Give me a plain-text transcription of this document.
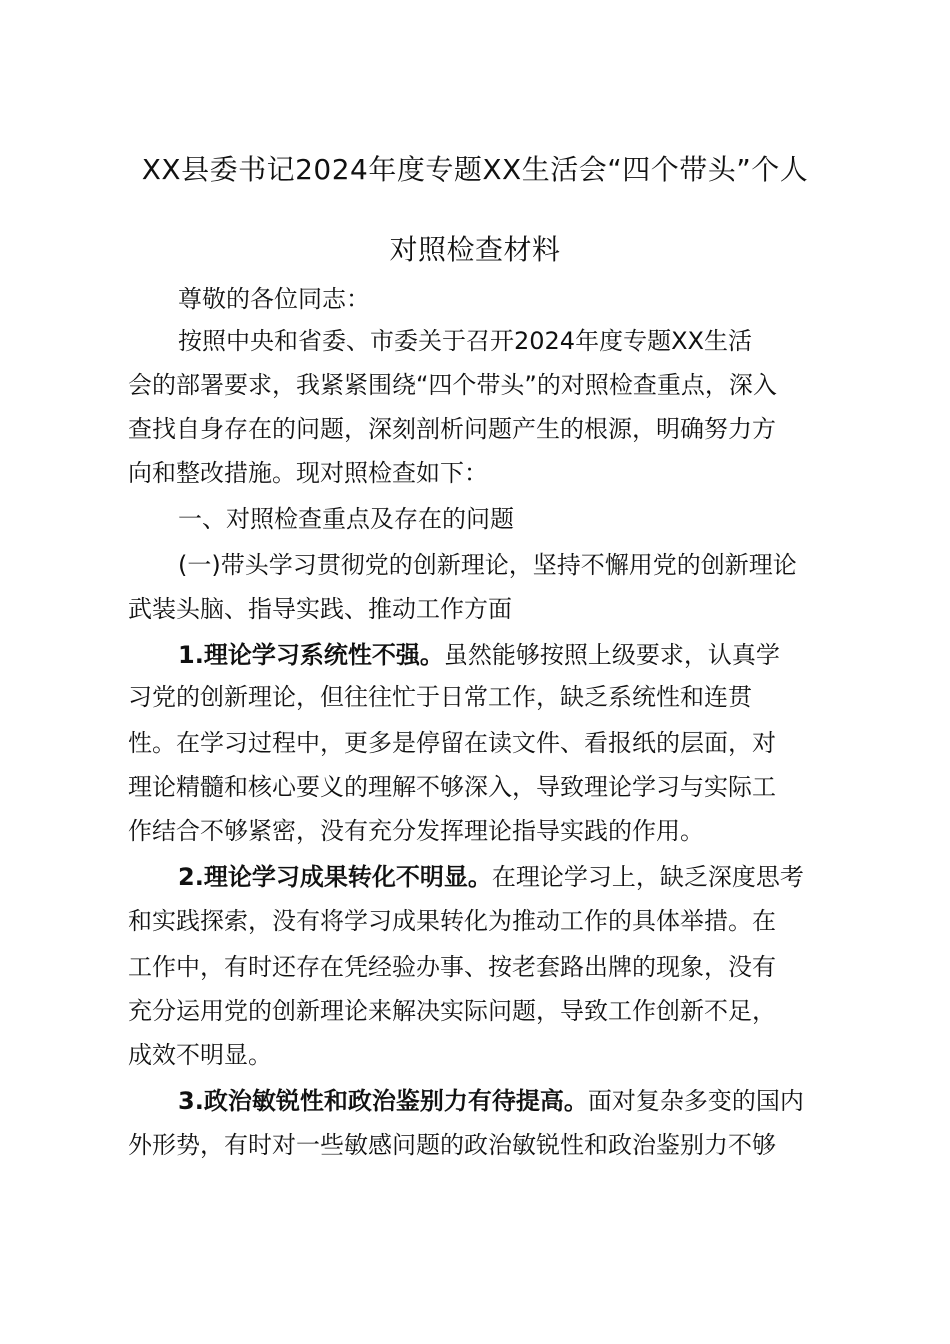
XX县委书记2024年度专题XX生活会“四个带头”个人
对照检查材料
尊敬的各位同志：
按照中央和省委、市委关于召开2024年度专题XX生活
会的部署要求，我紧紧围绕“四个带头”的对照检查重点，深入
查找自身存在的问题，深刻剖析问题产生的根源，明确努力方
向和整改措施。现对照检查如下：
一、对照检查重点及存在的问题
(一)带头学习贯彻党的创新理论，坚持不懈用党的创新理论
武装头脑、指导实践、推动工作方面
1.理论学习系统性不强。虽然能够按照上级要求，认真学
习党的创新理论，但往往忙于日常工作，缺乏系统性和连贯
性。在学习过程中，更多是停留在读文件、看报纸的层面，对
理论精髓和核心要义的理解不够深入，导致理论学习与实际工
作结合不够紧密，没有充分发挥理论指导实践的作用。
2.理论学习成果转化不明显。在理论学习上，缺乏深度思考
和实践探索，没有将学习成果转化为推动工作的具体举措。在
工作中，有时还存在凭经验办事、按老套路出牌的现象，没有
充分运用党的创新理论来解决实际问题，导致工作创新不足，
成效不明显。
3.政治敏锐性和政治鉴别力有待提高。面对复杂多变的国内
外形势，有时对一些敏感问题的政治敏锐性和政治鉴别力不够
